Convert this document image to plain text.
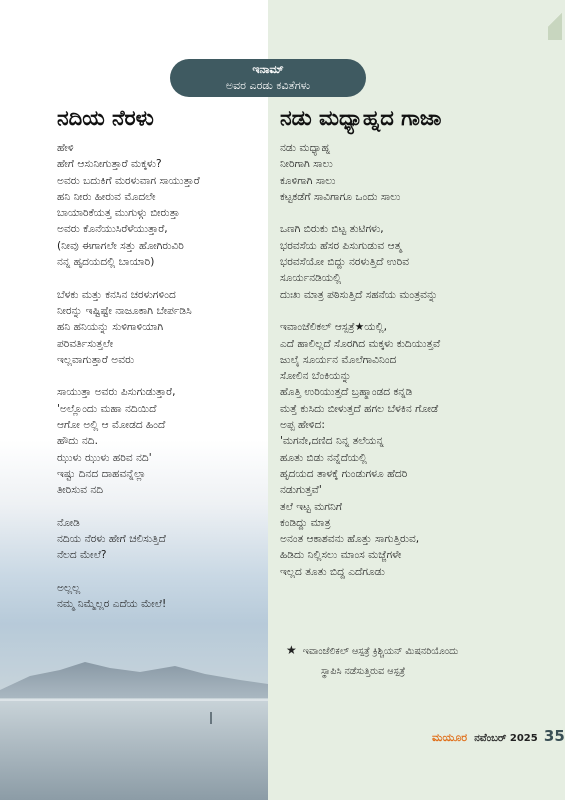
ಇನಾಮ್
ಅವರ ಎರಡು ಕವಿತೆಗಳು
ನದಿಯ ನೆರಳು
ಹೇಳಿ
ಹೇಗೆ ಆಸುನೀಗುತ್ತಾರೆ ಮಕ್ಕಳು?
ಅವರು ಬದುಕಿಗೆ ಮರಳುವಾಗ ಸಾಯುತ್ತಾರೆ
ಹನಿ ನೀರು ಹೀರುವ ಮೊದಲೇ
ಬಾಯಾರಿಕೆಯತ್ತ ಮುಗುಳ್ಗು ಬೀರುತ್ತಾ
ಅವರು ಕೊನೆಯುಸಿರೆಳೆಯುತ್ತಾರೆ,
(ನೀವು ಈಗಾಗಲೇ ಸತ್ತು ಹೋಗಿರುವಿರಿ
ನನ್ನ ಹೃದಯದಲ್ಲಿ ಬಾಯಾರಿ)
ಬೆಳಕು ಮತ್ತು ಕನಸಿನ ಚರಳುಗಳಿಂದ
ನೀರನ್ನು ಇಷ್ಟಿಷ್ಟೇ ನಾಜೂಕಾಗಿ ಬೇರ್ಪಡಿಸಿ
ಹನಿ ಹನಿಯನ್ನು ಸುಳಿಗಾಳಿಯಾಗಿ
ಪರಿವರ್ತಿಸುತ್ತಲೇ
ಇಲ್ಲವಾಗುತ್ತಾರೆ ಅವರು
ಸಾಯುತ್ತಾ ಅವರು ಪಿಸುಗುಡುತ್ತಾರೆ,
'ಅಲ್ಲೊಂದು ಮಹಾ ನದಿಯಿದೆ
ಆಗೋ ಅಲ್ಲಿ ಆ ಮೋಡದ ಹಿಂದೆ
ಹೌದು ನದಿ.
ಝುಳು ಝುಳು ಹರಿವ ನದಿ'
ಇಷ್ಟು ದಿನದ ದಾಹವನ್ನೆಲ್ಲಾ
ತೀರಿಸುವ ನದಿ
ನೋಡಿ
ನದಿಯ ನೆರಳು ಹೇಗೆ ಚಲಿಸುತ್ತಿದೆ
ನೆಲದ ಮೇಲೆ?
ಅಲ್ಲಲ್ಲ
ನಮ್ಮ ನಿಮ್ಮೆಲ್ಲರ ಎದೆಯ ಮೇಲೆ!
ನಡು ಮಧ್ಯಾಹ್ನದ ಗಾಜಾ
ನಡು ಮಧ್ಯಾಹ್ನ
ನೀರಿಗಾಗಿ ಸಾಲು
ಕೂಳಿಗಾಗಿ ಸಾಲು
ಕಟ್ಟಕಡೆಗೆ ಸಾವಿಗಾಗೂ ಒಂದು ಸಾಲು
ಒಣಗಿ ಬಿರುಕು ಬಿಟ್ಟ ತುಟಿಗಳು,
ಭರವಸೆಯ ಹೆಸರ ಪಿಸುಗುಡುವ ಆತ್ಮ
ಭರವಸೆಯೋ ಬಿದ್ದು ನರಳುತ್ತಿದೆ ಉರಿವ
ಸೂರ್ಯನಡಿಯಲ್ಲಿ
ದುಃಖ ಮಾತ್ರ ಪಠಿಸುತ್ತಿದೆ ಸಹನೆಯ ಮಂತ್ರವನ್ನು
ಇವಾಂಜೆಲಿಕಲ್ ಆಸ್ಪತ್ರೆ★ಯಲ್ಲಿ,
ಎದೆ ಹಾಲಿಲ್ಲದೆ ಸೊರಗಿದ ಮಕ್ಕಳು ಕುದಿಯುತ್ತವೆ
ಜುಲೈ ಸೂರ್ಯನ ಮೊಲೆಗಾವಿನಿಂದ
ಸೋಲಿನ ಬೆಂಕಿಯನ್ನು
ಹೊತ್ತಿ ಉರಿಯುತ್ತದೆ ಬ್ರಹ್ಮಾಂಡದ ಕನ್ನಡಿ
ಮತ್ತೆ ಕುಸಿದು ಬೀಳುತ್ತದೆ ಹಗಲ ಬೆಳಕಿನ ಗೋಡೆ
ಅಪ್ಪ ಹೇಳಿದ:
'ಮಗನೇ,ದಣಿದ ನಿನ್ನ ತಲೆಯನ್ನ
ಹೂತು ಬಿಡು ನನ್ನೆದೆಯಲ್ಲಿ
ಹೃದಯದ ತಾಳಕ್ಕೆ ಗುಂಡುಗಳೂ ಹೆದರಿ
ನಡುಗುತ್ತವೆ'
ತಲೆ ಇಟ್ಟ ಮಗನಿಗೆ
ಕಂಡಿದ್ದು ಮಾತ್ರ
ಅನಂತ ಆಕಾಶವನು ಹೊತ್ತು ಸಾಗುತ್ತಿರುವ,
ಹಿಡಿದು ನಿಲ್ಲಿಸಲು ಮಾಂಸ ಮಜ್ಜೆಗಳೇ
ಇಲ್ಲದ ತೂತು ಬಿದ್ದ ಎದೆಗೂಡು
★ ಇವಾಂಜೆಲಿಕಲ್ ಆಸ್ಪತ್ರೆ ಕ್ರಿಶ್ಚಿಯನ್ ಮಿಷನರಿಯೊಂದು
ಸ್ಥಾಪಿಸಿ ನಡೆಸುತ್ತಿರುವ ಆಸ್ಪತ್ರೆ
ಮಯೂರ ನವೆಂಬರ್ 2025 35
